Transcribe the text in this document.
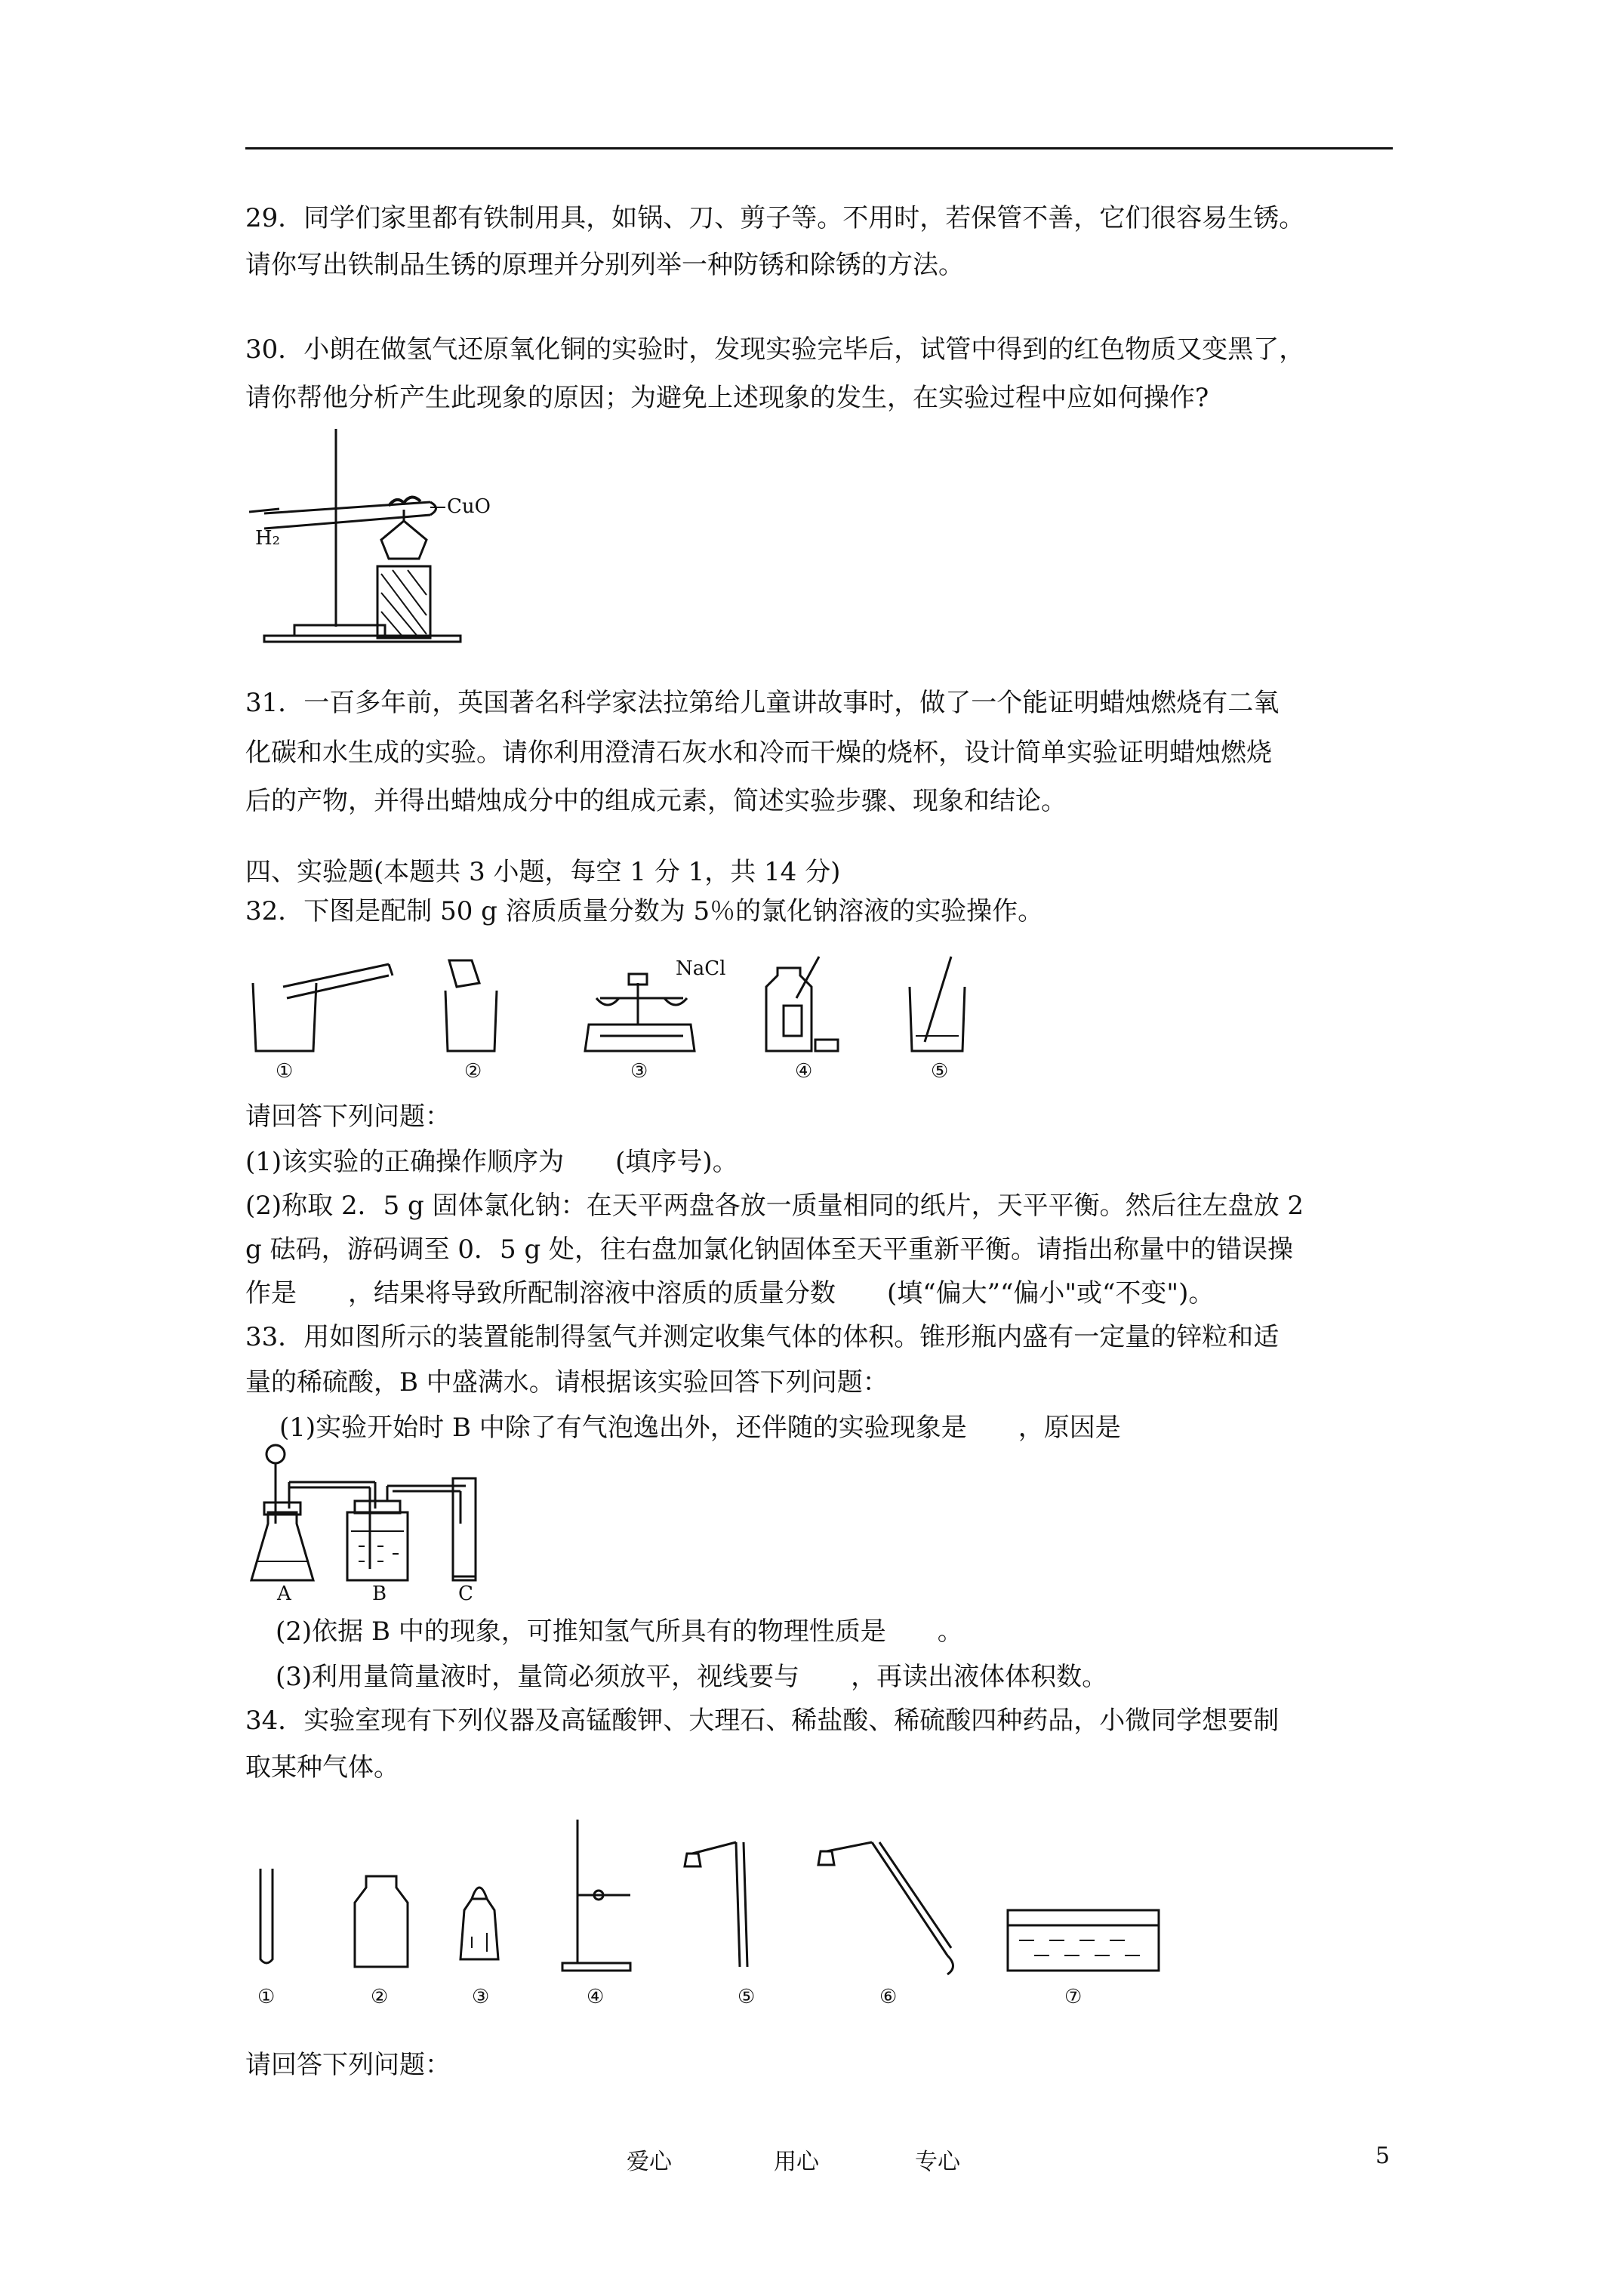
29．同学们家里都有铁制用具，如锅、刀、剪子等。不用时，若保管不善，它们很容易生锈。

请你写出铁制品生锈的原理并分别列举一种防锈和除锈的方法。

30．小朗在做氢气还原氧化铜的实验时，发现实验完毕后，试管中得到的红色物质又变黑了，

请你帮他分析产生此现象的原因；为避免上述现象的发生，在实验过程中应如何操作?

H₂
CuO

31．一百多年前，英国著名科学家法拉第给儿童讲故事时，做了一个能证明蜡烛燃烧有二氧

化碳和水生成的实验。请你利用澄清石灰水和冷而干燥的烧杯，设计简单实验证明蜡烛燃烧

后的产物，并得出蜡烛成分中的组成元素，简述实验步骤、现象和结论。

四、实验题(本题共 3 小题，每空 1 分 1，共 14 分)

32．下图是配制 50 g 溶质质量分数为 5％的氯化钠溶液的实验操作。

NaCl
①	②	③	④	⑤

请回答下列问题：

(1)该实验的正确操作顺序为　　(填序号)。

(2)称取 2．5 g 固体氯化钠：在天平两盘各放一质量相同的纸片，天平平衡。然后往左盘放 2

g 砝码，游码调至 0．5 g 处，往右盘加氯化钠固体至天平重新平衡。请指出称量中的错误操

作是　　，结果将导致所配制溶液中溶质的质量分数　　(填“偏大”“偏小"或“不变")。

33．用如图所示的装置能制得氢气并测定收集气体的体积。锥形瓶内盛有一定量的锌粒和适

量的稀硫酸，B 中盛满水。请根据该实验回答下列问题：

(1)实验开始时 B 中除了有气泡逸出外，还伴随的实验现象是　　，原因是

A	B	C

(2)依据 B 中的现象，可推知氢气所具有的物理性质是　　。

(3)利用量筒量液时，量筒必须放平，视线要与　　，再读出液体体积数。

34．实验室现有下列仪器及高锰酸钾、大理石、稀盐酸、稀硫酸四种药品，小微同学想要制

取某种气体。

①	②	③	④	⑤	⑥	⑦

请回答下列问题：

爱心	用心	专心	5
